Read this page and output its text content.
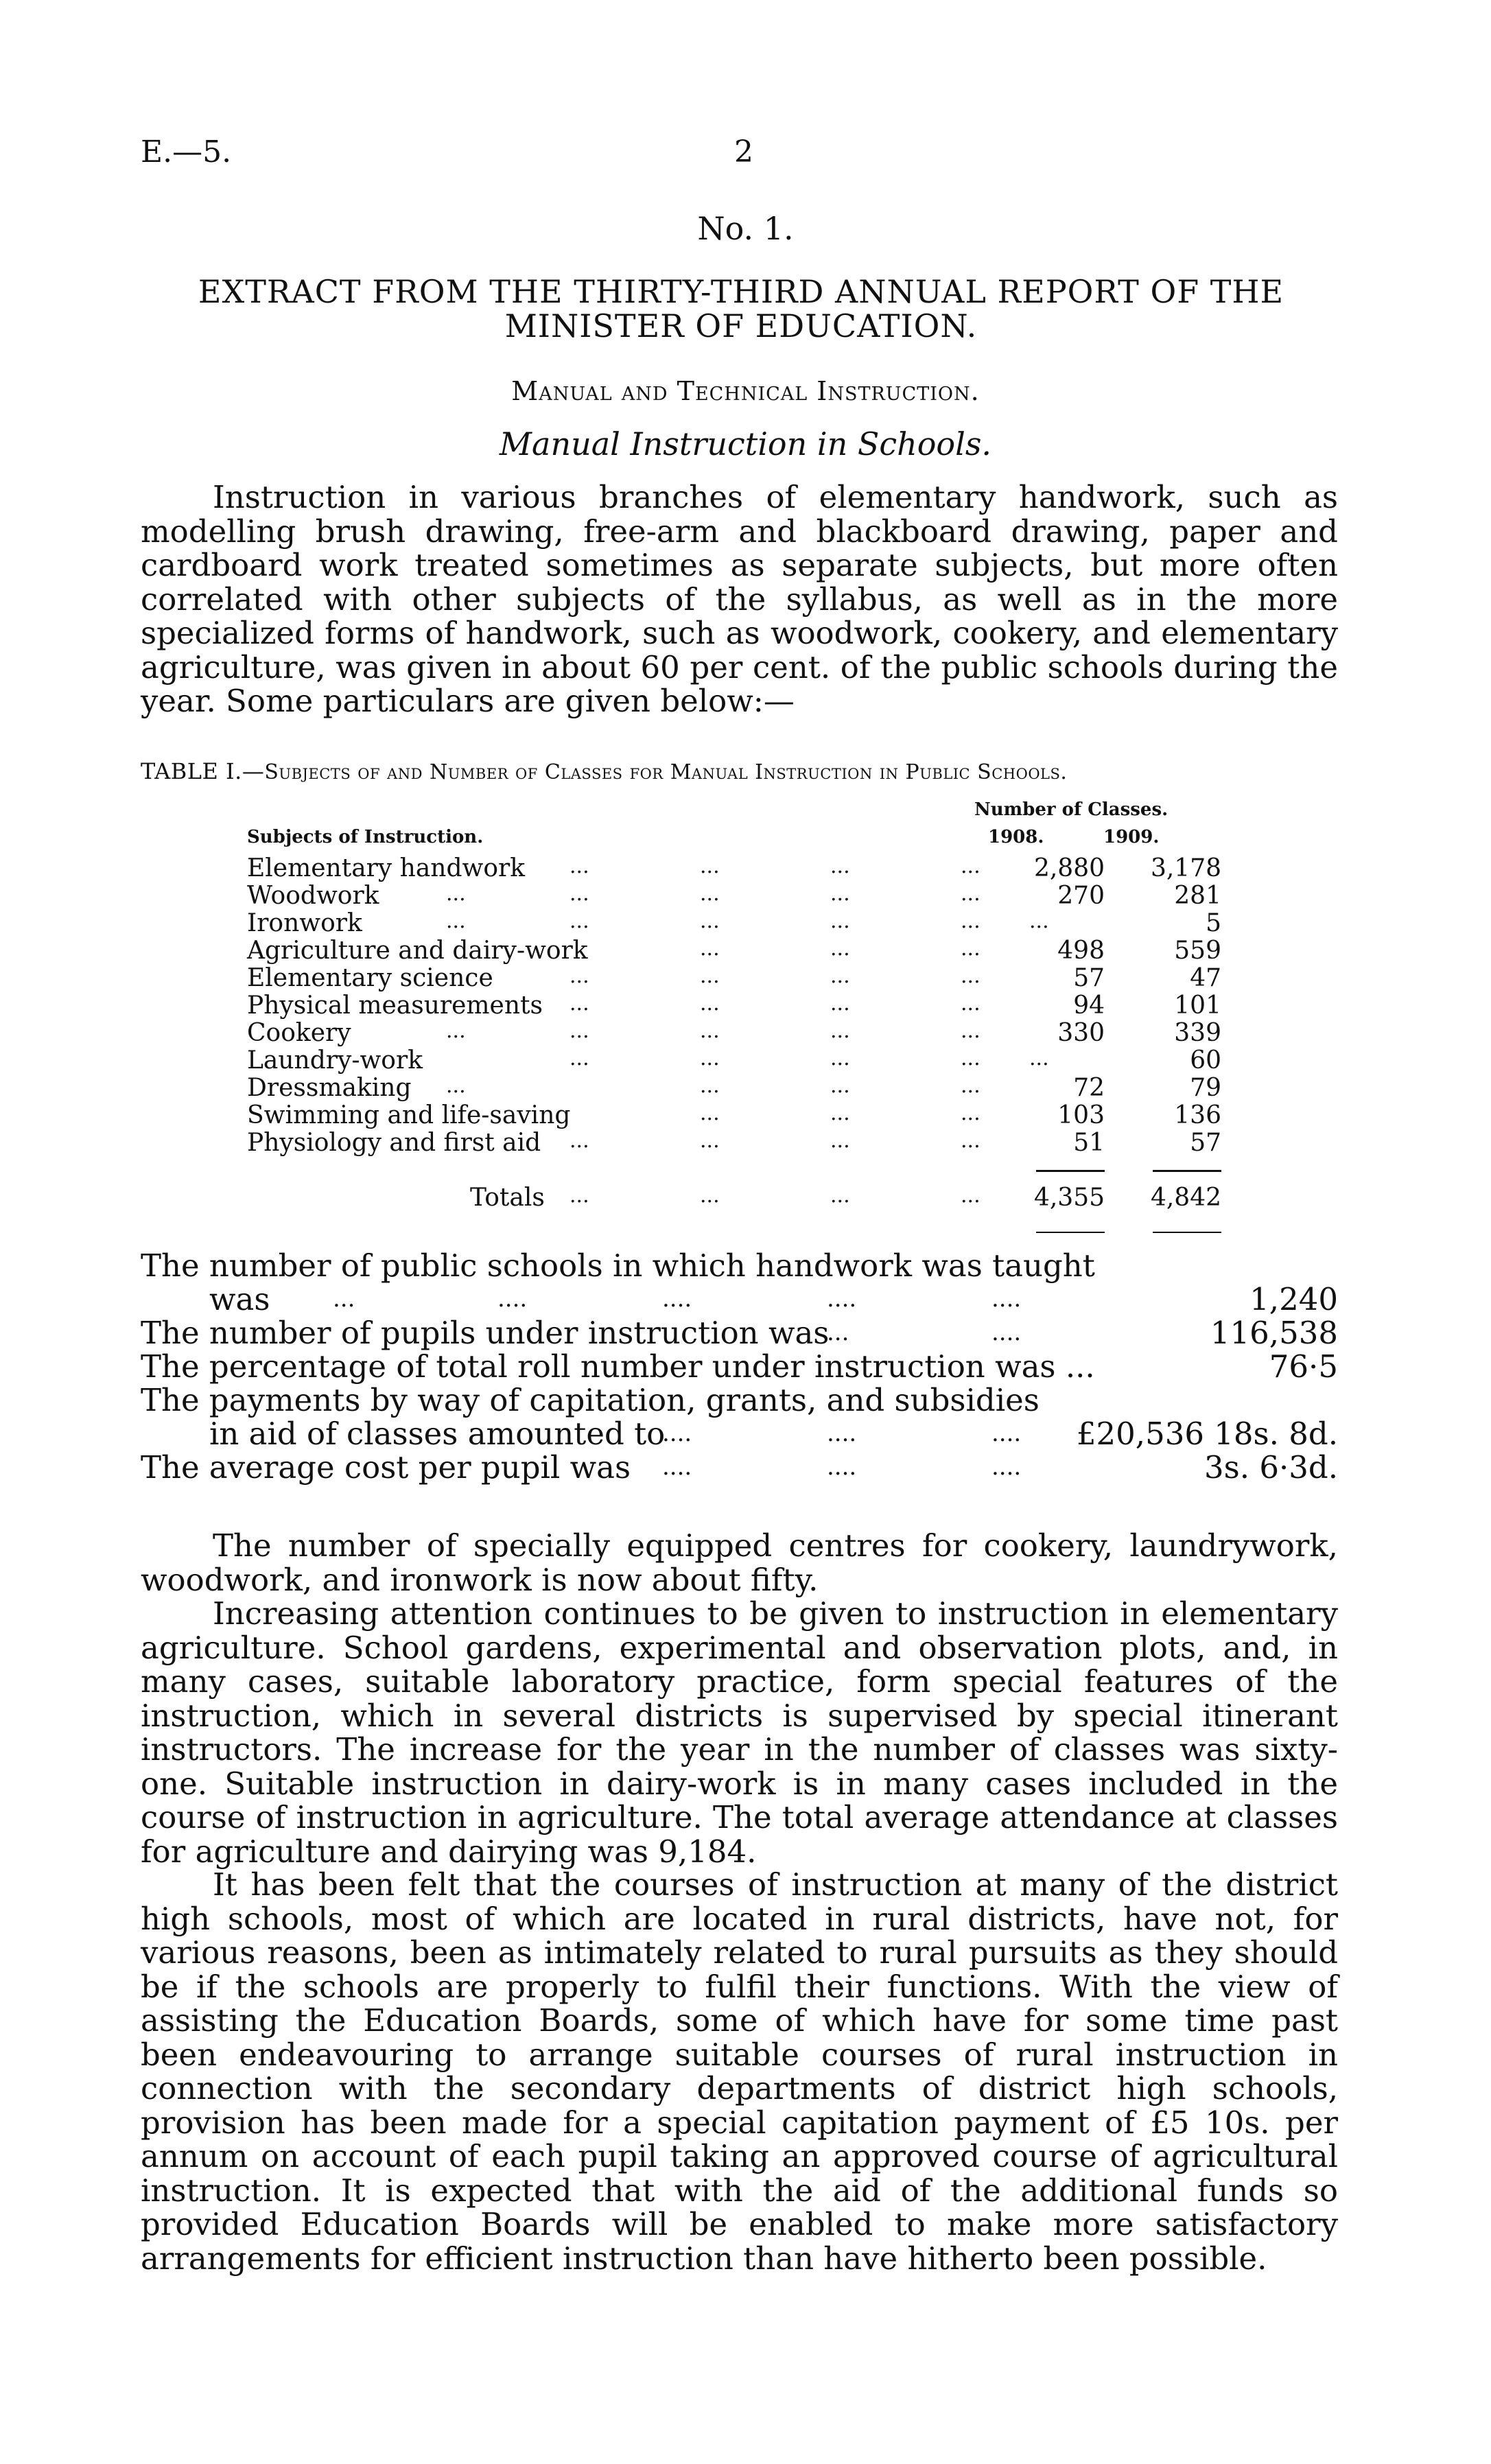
E.—5.	2
No. 1.
EXTRACT FROM THE THIRTY-THIRD ANNUAL REPORT OF THE MINISTER OF EDUCATION.
Manual and Technical Instruction.
Manual Instruction in Schools.
Instruction in various branches of elementary handwork, such as modelling brush drawing, free-arm and blackboard drawing, paper and cardboard work treated sometimes as separate subjects, but more often correlated with other subjects of the syllabus, as well as in the more specialized forms of handwork, such as woodwork, cookery, and elementary agriculture, was given in about 60 per cent. of the public schools during the year. Some particulars are given below:—
TABLE I.—Subjects of and Number of Classes for Manual Instruction in Public Schools.
Number of Classes.
Subjects of Instruction.	1908.	1909.
Elementary handwork ...	...	...	... 2,880 3,178
Woodwork	...	...	...	...	...	270	281
Ironwork	...	...	...	...	... ...	5
Agriculture and dairy-work	...	...	...	498	559
Elementary science	...	...	...	...	57	47
Physical measurements ...	...	...	...	94	101
Cookery	...	...	...	...	...	330	339
Laundry-work	...	...	...	... ...	60
Dressmaking ...	...	...	...	72	79
Swimming and life-saving	...	...	...	103	136
Physiology and first aid ...	...	...	...	51	57
Totals ...	...	...	... 4,355 4,842
The number of public schools in which handwork was taught
was	...	....	....	....	....	1,240
The number of pupils under instruction was
...	....	116,538
The percentage of total roll number under instruction was ...	76·5
The payments by way of capitation, grants, and subsidies
in aid of classes amounted to
....	....	.... £20,536 18s. 8d.
The average cost per pupil was ....	....	....	3s. 6·3d.
The number of specially equipped centres for cookery, laundrywork, woodwork, and ironwork is now about fifty.
Increasing attention continues to be given to instruction in elementary agriculture. School gardens, experimental and observation plots, and, in many cases, suitable laboratory practice, form special features of the instruction, which in several districts is supervised by special itinerant instructors. The increase for the year in the number of classes was sixty-one. Suitable instruction in dairy-work is in many cases included in the course of instruction in agriculture. The total average attendance at classes for agriculture and dairying was 9,184.
It has been felt that the courses of instruction at many of the district high schools, most of which are located in rural districts, have not, for various reasons, been as intimately related to rural pursuits as they should be if the schools are properly to fulfil their functions. With the view of assisting the Education Boards, some of which have for some time past been endeavouring to arrange suitable courses of rural instruction in connection with the secondary departments of district high schools, provision has been made for a special capitation payment of £5 10s. per annum on account of each pupil taking an approved course of agricultural instruction. It is expected that with the aid of the additional funds so provided Education Boards will be enabled to make more satisfactory arrangements for efficient instruction than have hitherto been possible.
